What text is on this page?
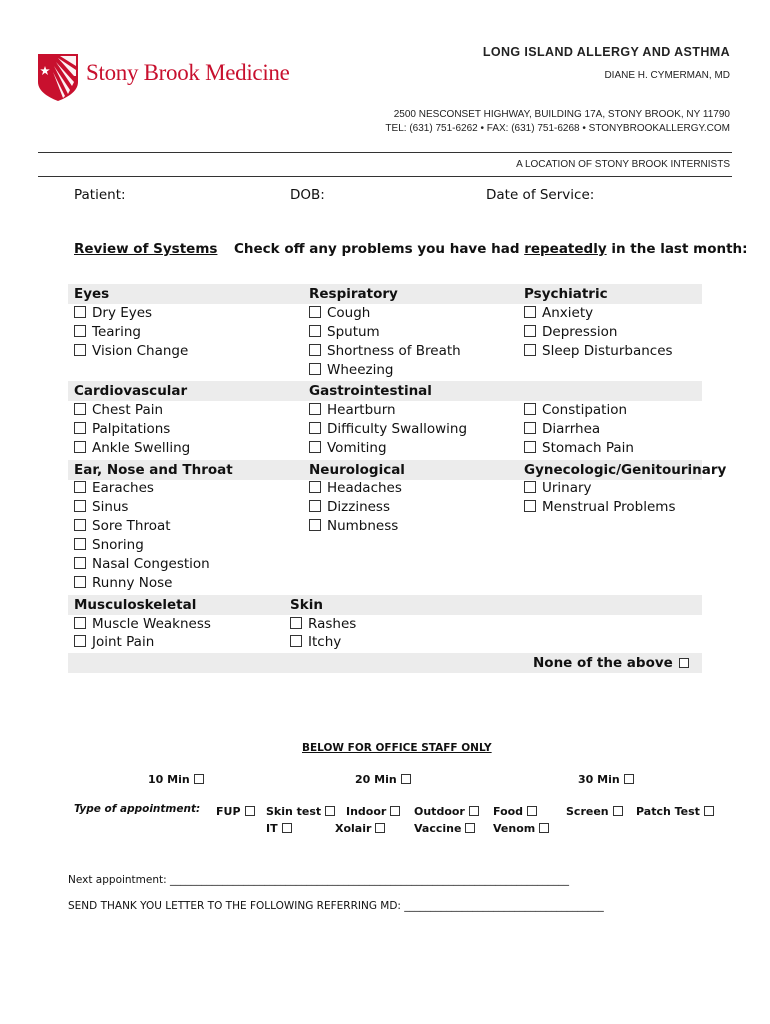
Stony Brook Medicine
LONG ISLAND ALLERGY AND ASTHMA
DIANE H. CYMERMAN, MD
2500 NESCONSET HIGHWAY, BUILDING 17A, STONY BROOK, NY 11790
TEL: (631) 751-6262 • FAX: (631) 751-6268 • STONYBROOKALLERGY.COM
A LOCATION OF STONY BROOK INTERNISTS
Patient:	DOB:	Date of Service:
Review of Systems Check off any problems you have had repeatedly in the last month:
Eyes
Dry Eyes
Tearing
Vision Change
Respiratory
Cough
Sputum
Shortness of Breath
Wheezing
Psychiatric
Anxiety
Depression
Sleep Disturbances
Cardiovascular
Chest Pain
Palpitations
Ankle Swelling
Gastrointestinal
Heartburn
Difficulty Swallowing
Vomiting
Constipation
Diarrhea
Stomach Pain
Ear, Nose and Throat
Earaches
Sinus
Sore Throat
Snoring
Nasal Congestion
Runny Nose
Neurological
Headaches
Dizziness
Numbness
Gynecologic/Genitourinary
Urinary
Menstrual Problems
Musculoskeletal
Muscle Weakness
Joint Pain
Skin
Rashes
Itchy
None of the above
BELOW FOR OFFICE STAFF ONLY
10 Min	20 Min	30 Min
Type of appointment: FUP	Skin test
IT
Indoor
Xolair
Outdoor
Vaccine
Food
Venom
Screen	Patch Test
Next appointment: ____________________________________________________________________________
SEND THANK YOU LETTER TO THE FOLLOWING REFERRING MD: ______________________________________
